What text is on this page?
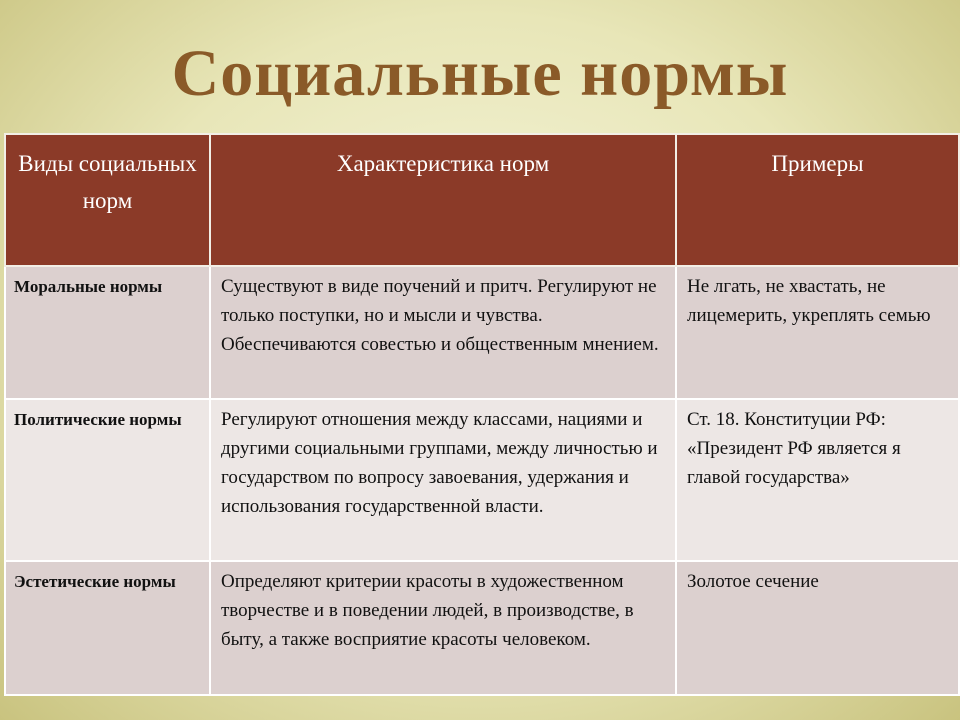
Социальные нормы
Виды социальных норм	Характеристика норм	Примеры
Моральные нормы	Существуют в виде поучений и притч. Регулируют не только поступки, но и мысли и чувства. Обеспечиваются совестью и общественным мнением.	Не лгать, не хвастать, не лицемерить, укреплять семью
Политические нормы	Регулируют отношения между классами, нациями и другими социальными группами, между личностью и государством по вопросу завоевания, удержания и использования государственной власти.	Ст. 18. Конституции РФ: «Президент РФ является я главой государства»
Эстетические нормы	Определяют критерии красоты в художественном творчестве и в поведении людей, в производстве, в быту, а также восприятие красоты человеком.	Золотое сечение
